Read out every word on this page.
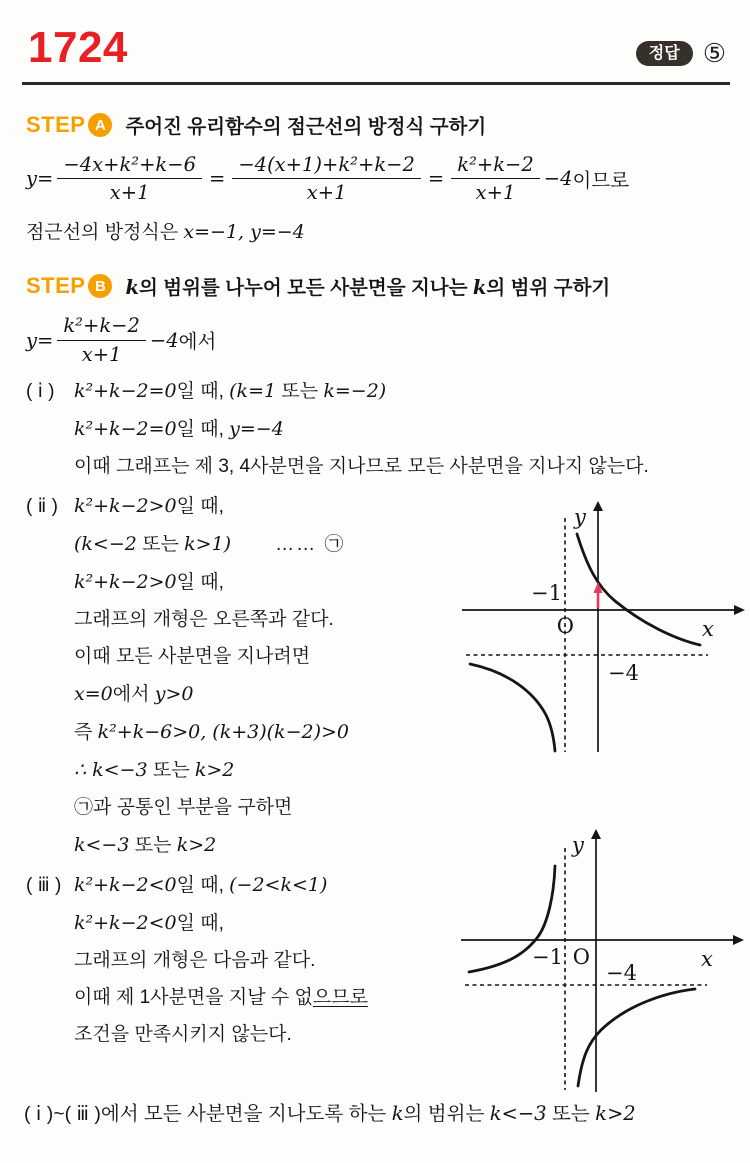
1724	정답 ⑤
STEP A	주어진 유리함수의 점근선의 방정식 구하기
$y= \frac{\text{−4x+k²+k−6}}{x+1} = \frac{\text{−4(x+1)+k²+k−2}}{x+1} = \frac{\text{k²+k−2}}{x+1} -4$ 이므로
점근선의 방정식은 x=−1, y=−4
STEP B	k의 범위를 나누어 모든 사분면을 지나는 k의 범위 구하기
$y= \frac{\text{k²+k−2}}{x+1} -4$ 에서
( ⅰ ) k²+k−2=0일 때, (k=1 또는 k=−2)
k²+k−2=0일 때, y=−4
이때 그래프는 제 3, 4사분면을 지나므로 모든 사분면을 지나지 않는다.
( ⅱ ) k²+k−2>0일 때,
(k<−2 또는 k>1) …… ㉠
k²+k−2>0일 때,
그래프의 개형은 오른쪽과 같다.
이때 모든 사분면을 지나려면
x=0에서 y>0
즉 k²+k−6>0, (k+3)(k−2)>0
∴ k<−3 또는 k>2
㉠과 공통인 부분을 구하면
k<−3 또는 k>2
( ⅲ ) k²+k−2<0일 때, (−2<k<1)
k²+k−2<0일 때,
그래프의 개형은 다음과 같다.
이때 제 1사분면을 지날 수 없으므로
조건을 만족시키지 않는다.
y
x
O
−1
−4
y
x
O
−1
−4
( ⅰ )~( ⅲ )에서 모든 사분면을 지나도록 하는 k의 범위는 k<−3 또는 k>2
